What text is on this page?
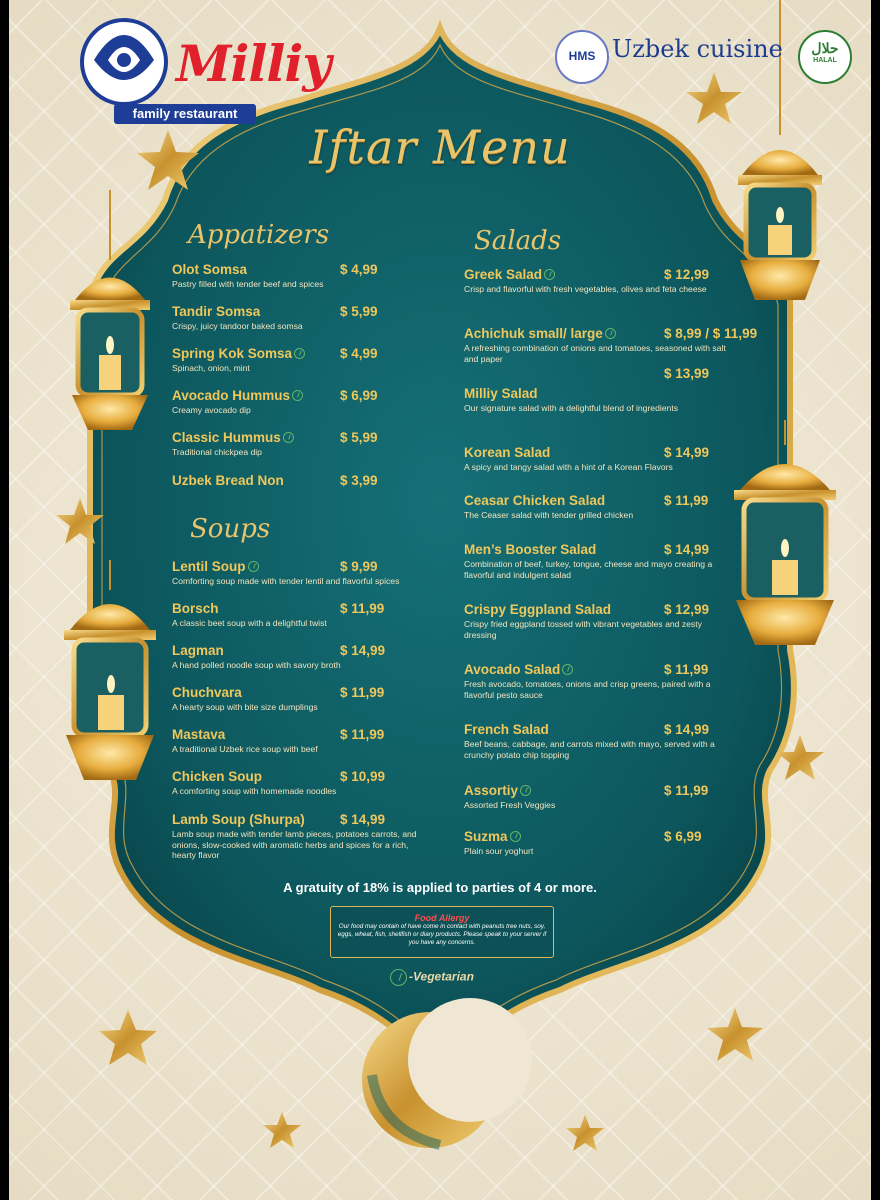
Milliy
family restaurant
HMS Uzbek cuisine	حلال
HALAL
Iftar Menu
Appatizers
Soups
Salads
Olot Somsa
Pastry filled with tender beef and spices
$ 4,99
Tandir Somsa
Crispy, juicy tandoor baked somsa
$ 5,99
Spring Kok Somsa
Spinach, onion, mint
$ 4,99
Avocado Hummus
Creamy avocado dip
$ 6,99
Classic Hummus
Traditional chickpea dip
$ 5,99
Uzbek Bread Non	$ 3,99
Lentil Soup
Comforting soup made with tender lentil and flavorful spices
$ 9,99
Borsch
A classic beet soup with a delightful twist
$ 11,99
Lagman
A hand polled noodle soup with savory broth
$ 14,99
Chuchvara
A hearty soup with bite size dumplings
$ 11,99
Mastava
A traditional Uzbek rice soup with beef
$ 11,99
Chicken Soup
A comforting soup with homemade noodles
$ 10,99
Lamb Soup (Shurpa)
Lamb soup made with tender lamb pieces, potatoes carrots, and onions, slow-cooked with aromatic herbs and spices for a rich, hearty flavor
$ 14,99
Greek Salad
Crisp and flavorful with fresh vegetables, olives and feta cheese
$ 12,99
Achichuk small/ large
A refreshing combination of onions and tomatoes, seasoned with salt and paper
$ 8,99 / $ 11,99
Milliy Salad
Our signature salad with a delightful blend of ingredients
$ 13,99
Korean Salad
A spicy and tangy salad with a hint of a Korean Flavors
$ 14,99
Ceasar Chicken Salad
The Ceaser salad with tender grilled chicken
$ 11,99
Men’s Booster Salad
Combination of beef, turkey, tongue, cheese and mayo creating a flavorful and indulgent salad
$ 14,99
Crispy Eggpland Salad
Crispy fried eggpland tossed with vibrant vegetables and zesty dressing
$ 12,99
Avocado Salad
Fresh avocado, tomatoes, onions and crisp greens, paired with a flavorful pesto sauce
$ 11,99
French Salad
Beef beans, cabbage, and carrots mixed with mayo, served with a crunchy potato chip topping
$ 14,99
Assortiy
Assorted Fresh Veggies
$ 11,99
Suzma
Plain sour yoghurt
$ 6,99
A gratuity of 18% is applied to parties of 4 or more.
Food Allergy
Our food may contain of have come in contact with peanuts tree nuts, soy, eggs, wheat, fish, shellfish or diary products. Please speak to your server if you have any concerns.
-Vegetarian
